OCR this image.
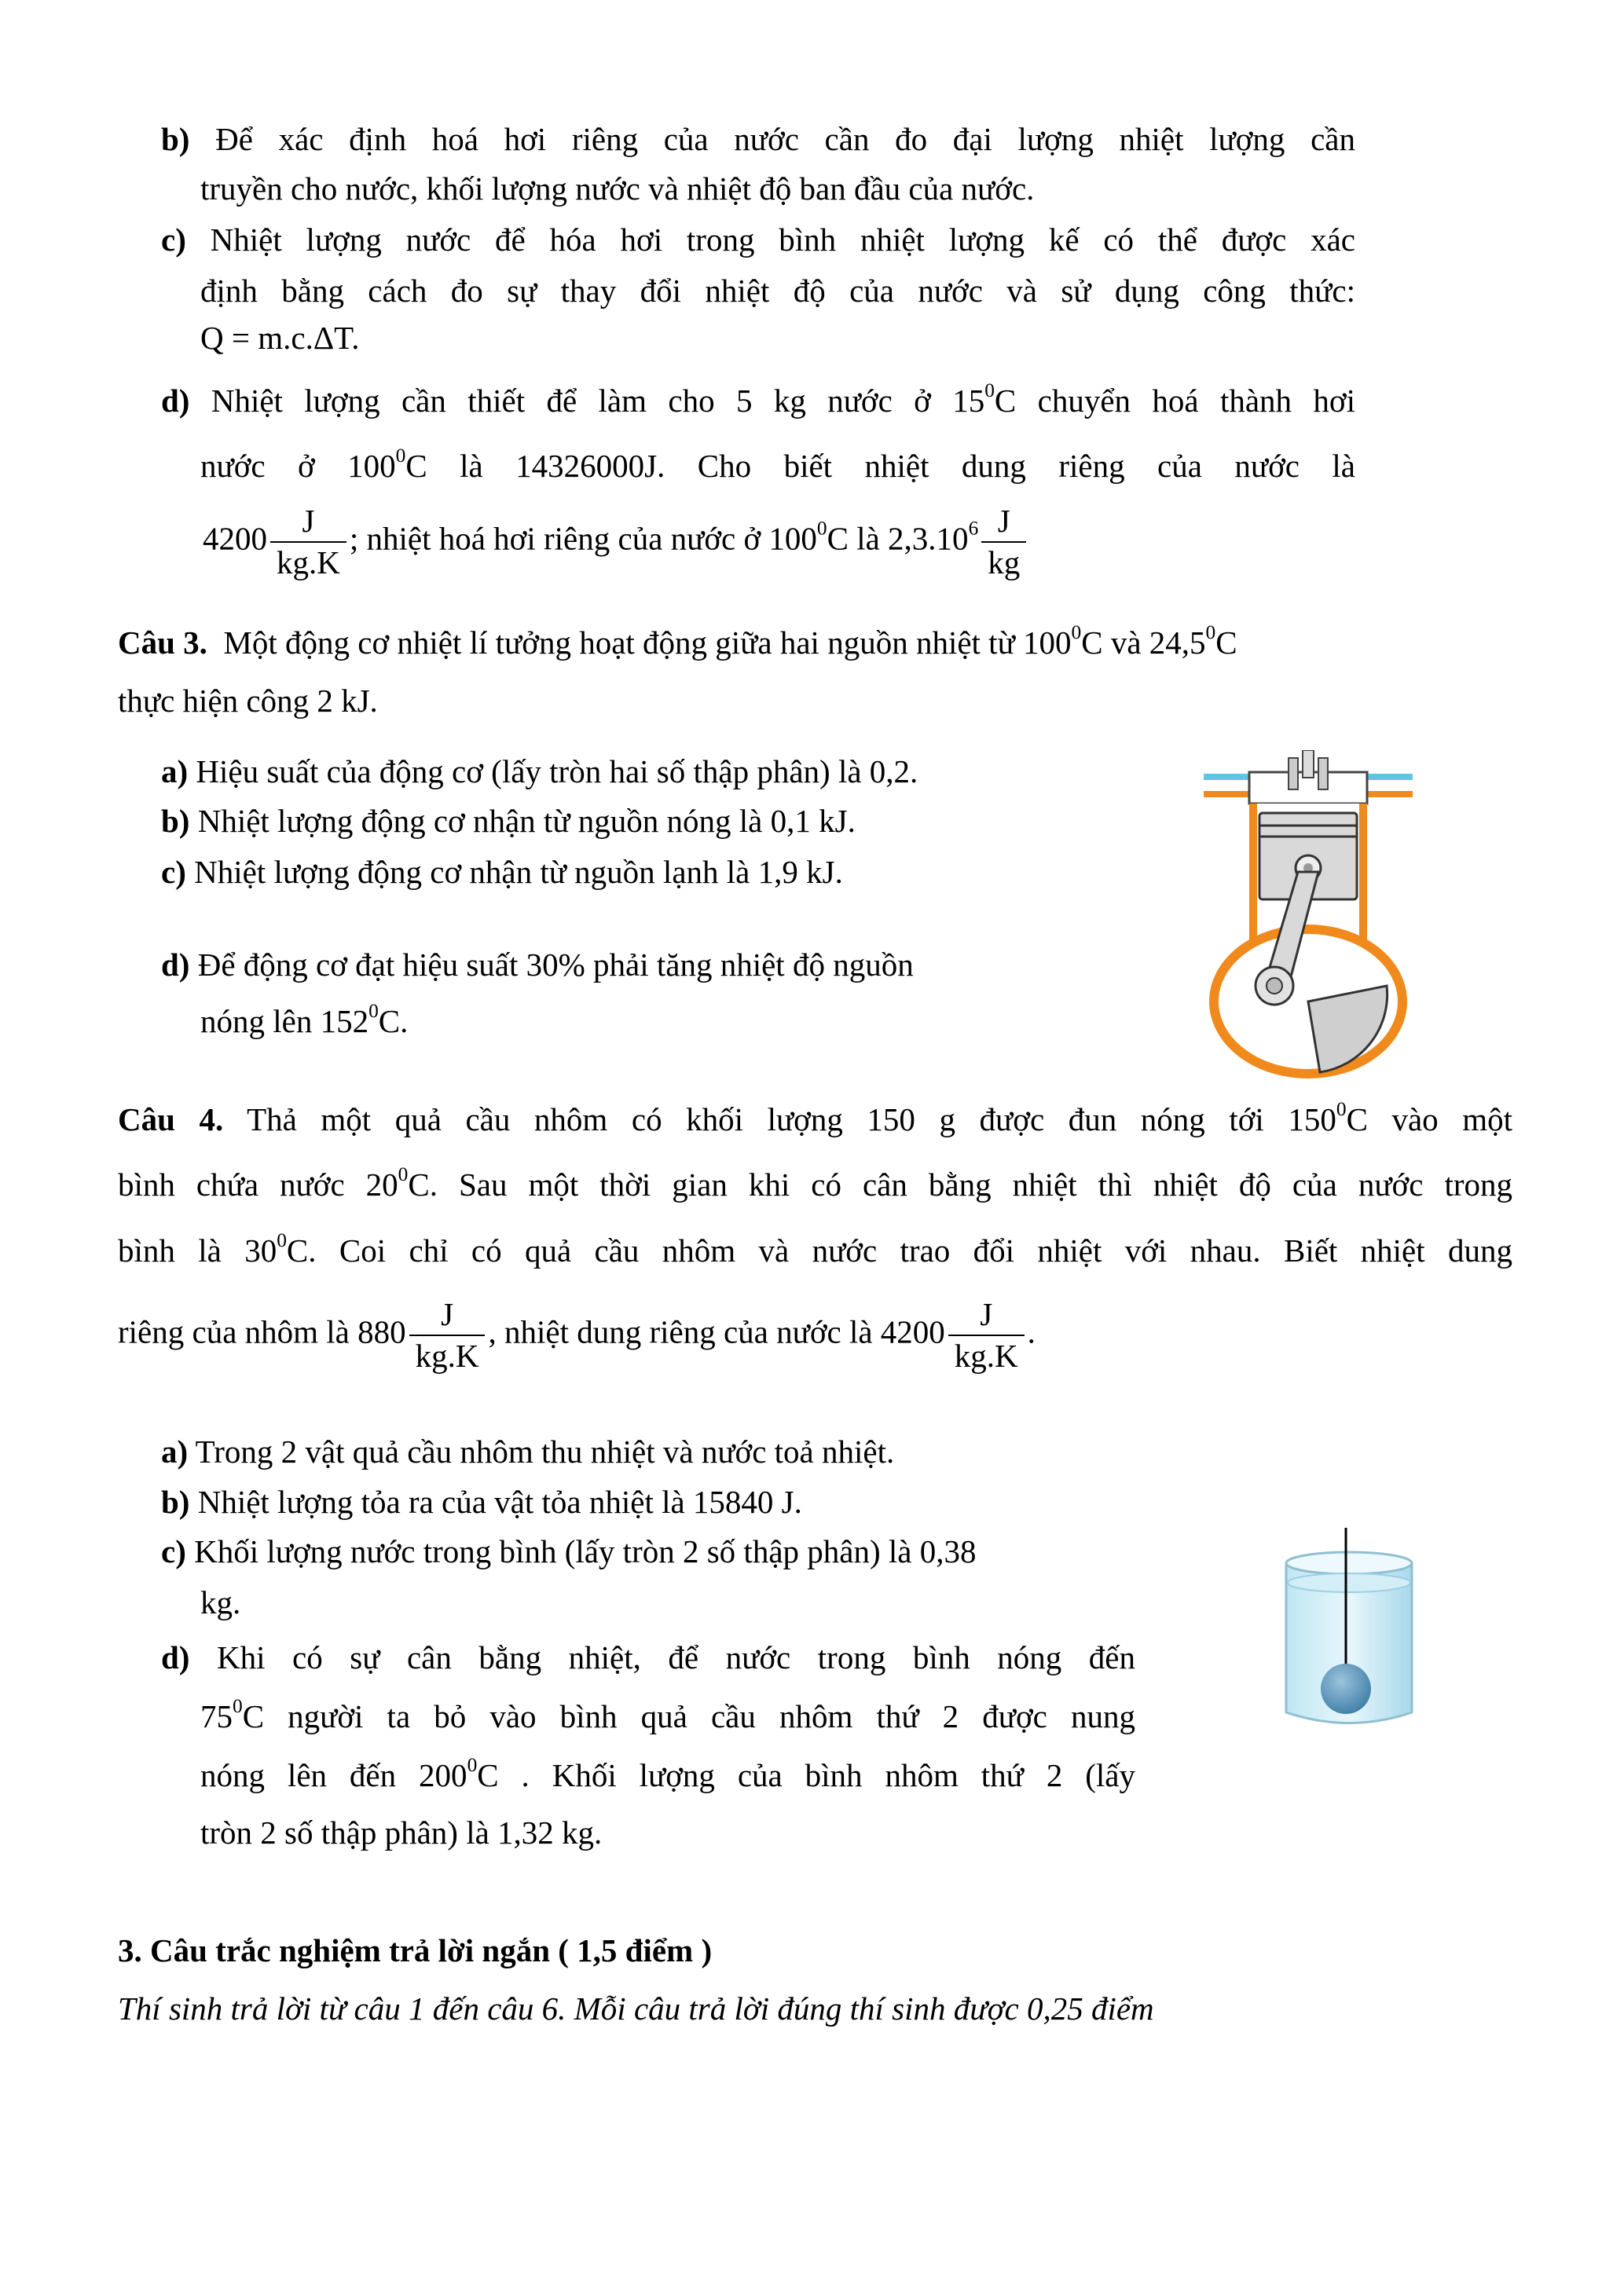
b) Để xác định hoá hơi riêng của nước cần đo đại lượng nhiệt lượng cần
truyền cho nước, khối lượng nước và nhiệt độ ban đầu của nước.
c) Nhiệt lượng nước để hóa hơi trong bình nhiệt lượng kế có thể được xác
định bằng cách đo sự thay đổi nhiệt độ của nước và sử dụng công thức:
Q = m.c.ΔT.
d) Nhiệt lượng cần thiết để làm cho 5 kg nước ở $15^0C$ chuyển hoá thành hơi
nước ở $100^0C$ là 14326000J. Cho biết nhiệt dung riêng của nước là
$4200 \frac{J}{kg.K}$ ; nhiệt hoá hơi riêng của nước ở $100^0C$ là $2,3.10^6 \frac{J}{kg}$
Câu 3. Một động cơ nhiệt lí tưởng hoạt động giữa hai nguồn nhiệt từ $100^0C$ và 24,5$^0$C
thực hiện công 2 kJ.
a) Hiệu suất của động cơ (lấy tròn hai số thập phân) là 0,2.
b) Nhiệt lượng động cơ nhận từ nguồn nóng là 0,1 kJ.
c) Nhiệt lượng động cơ nhận từ nguồn lạnh là 1,9 kJ.
d) Để động cơ đạt hiệu suất 30% phải tăng nhiệt độ nguồn
nóng lên $152^0C$.
Câu 4. Thả một quả cầu nhôm có khối lượng 150 g được đun nóng tới $150^0C$ vào một
bình chứa nước $20^0C$. Sau một thời gian khi có cân bằng nhiệt thì nhiệt độ của nước trong
bình là $30^0C$. Coi chỉ có quả cầu nhôm và nước trao đổi nhiệt với nhau. Biết nhiệt dung
riêng của nhôm là $880 \frac{J}{kg.K}$ , nhiệt dung riêng của nước là $4200 \frac{J}{kg.K}$ .
a) Trong 2 vật quả cầu nhôm thu nhiệt và nước toả nhiệt.
b) Nhiệt lượng tỏa ra của vật tỏa nhiệt là 15840 J.
c) Khối lượng nước trong bình (lấy tròn 2 số thập phân) là 0,38
kg.
d) Khi có sự cân bằng nhiệt, để nước trong bình nóng đến
$75^0C$ người ta bỏ vào bình quả cầu nhôm thứ 2 được nung
nóng lên đến $200^0C$ . Khối lượng của bình nhôm thứ 2 (lấy
tròn 2 số thập phân) là 1,32 kg.
3. Câu trắc nghiệm trả lời ngắn ( 1,5 điểm )
Thí sinh trả lời từ câu 1 đến câu 6. Mỗi câu trả lời đúng thí sinh được 0,25 điểm
